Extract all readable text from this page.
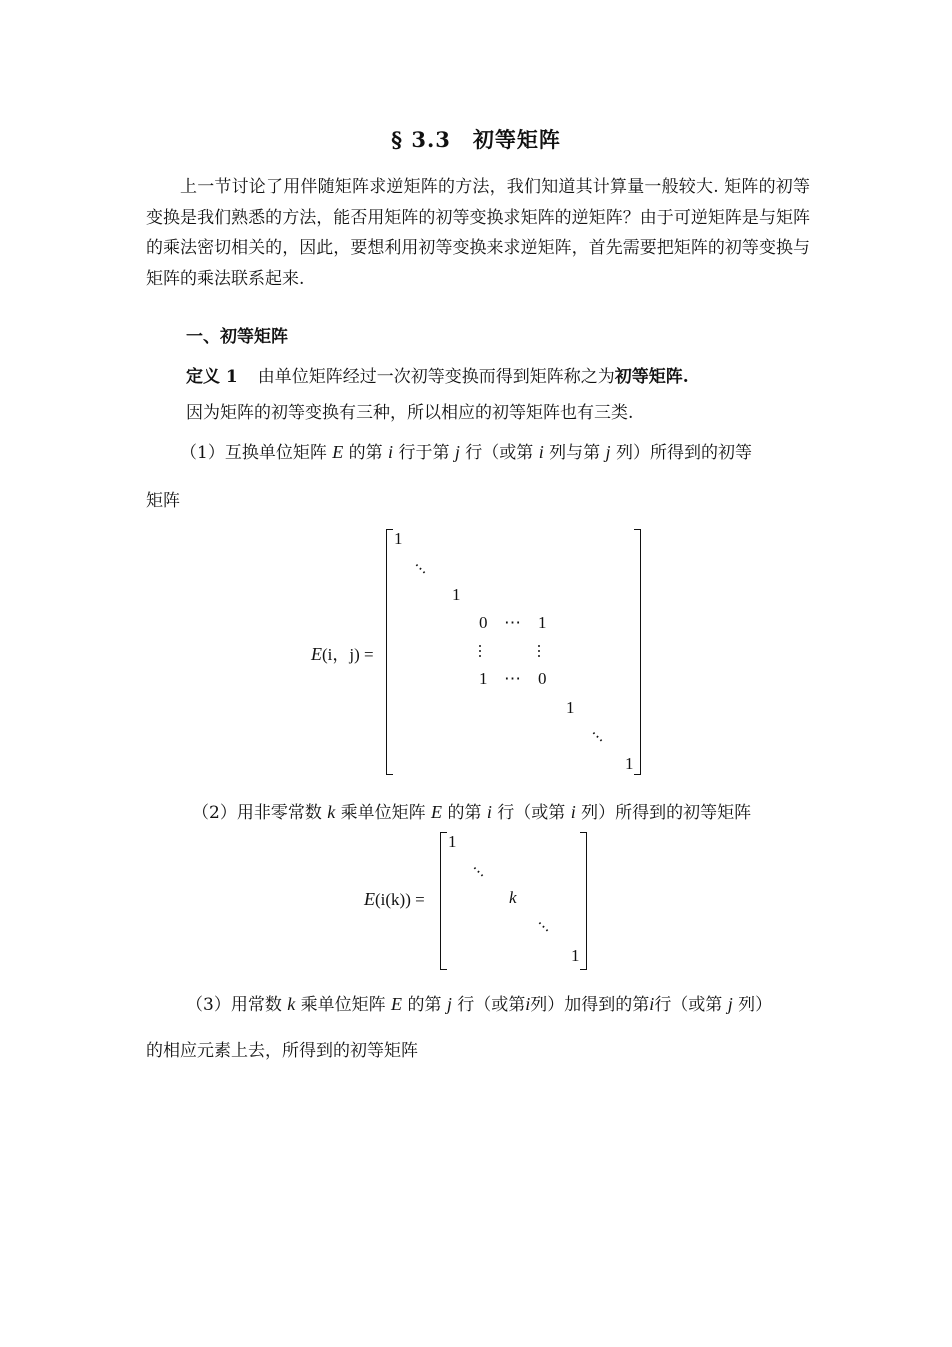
§ 3.3 初等矩阵

上一节讨论了用伴随矩阵求逆矩阵的方法，我们知道其计算量一般较大. 矩阵的初等变换是我们熟悉的方法，能否用矩阵的初等变换求矩阵的逆矩阵？由于可逆矩阵是与矩阵的乘法密切相关的，因此，要想利用初等变换来求逆矩阵，首先需要把矩阵的初等变换与矩阵的乘法联系起来.

一、初等矩阵
定义 1 由单位矩阵经过一次初等变换而得到矩阵称之为初等矩阵.
因为矩阵的初等变换有三种，所以相应的初等矩阵也有三类.
（1）互换单位矩阵 E 的第 i 行于第 j 行（或第 i 列与第 j 列）所得到的初等
矩阵
E(i，j) =
1
⋯
1
0 ⋯ 1
⋯	⋯
1 ⋯ 0
1
⋯
1
（2）用非零常数 k 乘单位矩阵 E 的第 i 行（或第 i 列）所得到的初等矩阵
E(i(k)) =
1
⋯
k
⋯
1
（3）用常数 k 乘单位矩阵 E 的第 j 行（或第i列）加得到的第i行（或第 j 列）
的相应元素上去，所得到的初等矩阵
